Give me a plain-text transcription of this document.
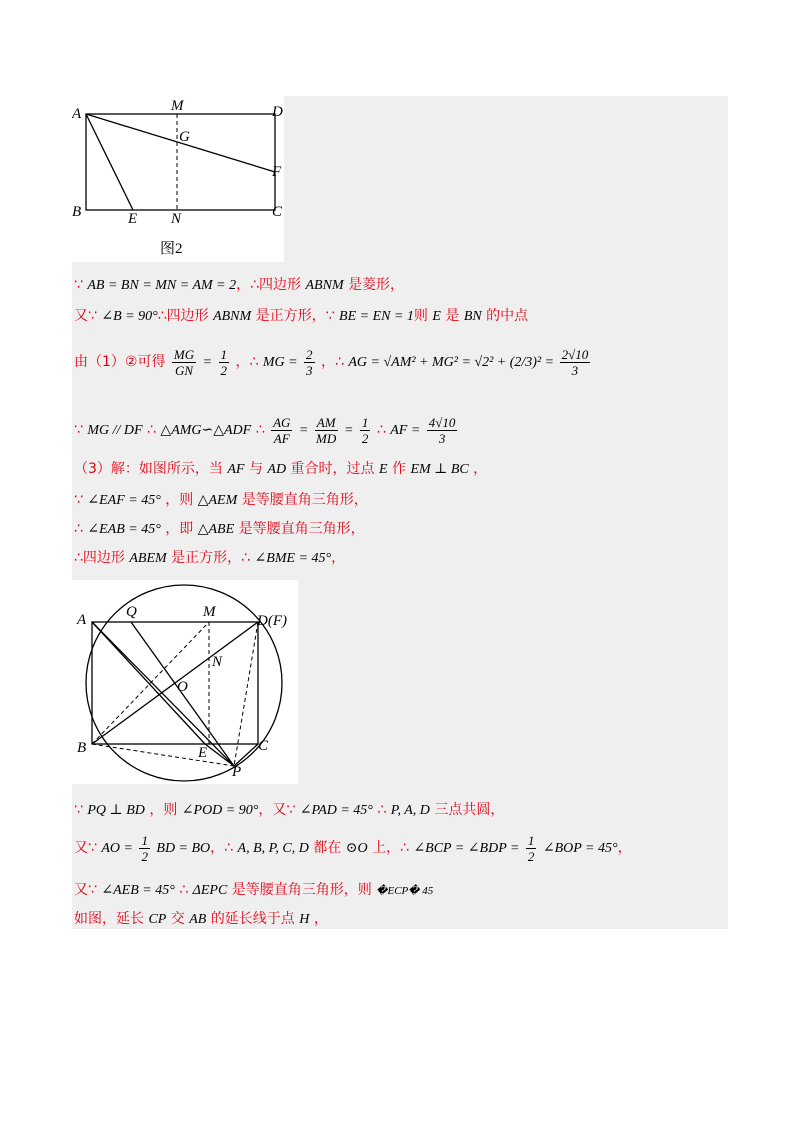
A	M	D
G
F
B	E N	C
图2
∵ AB = BN = MN = AM = 2，∴四边形 ABNM 是菱形，
又∵ ∠B = 90°∴四边形 ABNM 是正方形，∵ BE = EN = 1则 E 是 BN 的中点
由（1）②可得 $\frac{MG}{GN} = \frac{1}{2}$ ，∴ MG = $\frac{2}{3}$ ，∴ AG = $√AM^2 + MG^2 = √2^2 + (2/3)^2 = \frac{2√10}{3}$
∵ MG // DF ∴ △AMG∽△ADF ∴ $\frac{AG}{AF} = \frac{AM}{MD} = \frac{1}{2}$ ∴ AF = $\frac{4√10}{3}$
（3）解：如图所示，当 AF 与 AD 重合时，过点 E 作 EM ⊥ BC ，
∵ ∠EAF = 45° ，则 △AEM 是等腰直角三角形，
∴ ∠EAB = 45° ，即 △ABE 是等腰直角三角形，
∴四边形 ABEM 是正方形，∴ ∠BME = 45°，
A	Q	M
D(F)
N
O
B	E	C
P
∵ PQ ⊥ BD ，则 ∠POD = 90°，又∵ ∠PAD = 45° ∴ P, A, D 三点共圆，
又∵ AO = $\frac{1}{2}$ BD = BO，∴ A, B, P, C, D 都在 ⊙O 上，∴ ∠BCP = ∠BDP = $\frac{1}{2}$ ∠BOP = 45°，
又∵ ∠AEB = 45° ∴ ΔEPC 是等腰直角三角形，则 �ECP� 45
如图，延长 CP 交 AB 的延长线于点 H ，
